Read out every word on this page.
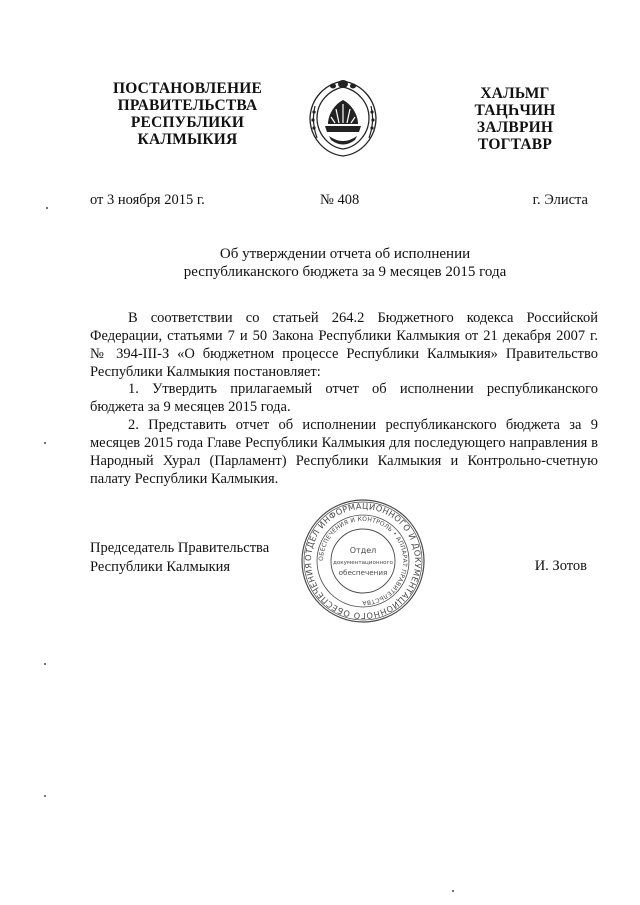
ПОСТАНОВЛЕНИЕ
ПРАВИТЕЛЬСТВА
РЕСПУБЛИКИ
КАЛМЫКИЯ
ХАЛЬМГ
ТАҢҺЧИН
ЗАЛВРИН
ТОГТАВР
от 3 ноября 2015 г.	№ 408	г. Элиста
Об утверждении отчета об исполнении
республиканского бюджета за 9 месяцев 2015 года
В соответствии со статьей 264.2 Бюджетного кодекса Российской Федерации, статьями 7 и 50 Закона Республики Калмыкия от 21 декабря 2007 г. № 394-III-З «О бюджетном процессе Республики Калмыкия» Правительство Республики Калмыкия постановляет:
1. Утвердить прилагаемый отчет об исполнении республиканского бюджета за 9 месяцев 2015 года.
2. Представить отчет об исполнении республиканского бюджета за 9 месяцев 2015 года Главе Республики Калмыкия для последующего направления в Народный Хурал (Парламент) Республики Калмыкия и Контрольно-счетную палату Республики Калмыкия.
Председатель Правительства
Республики Калмыкия	И. Зотов
ОТДЕЛ ИНФОРМАЦИОННОГО И ДОКУМЕНТАЦИОННОГО ОБЕСПЕЧЕНИЯ
ОБЕСПЕЧЕНИЯ И КОНТРОЛЬ • АППАРАТ ПРАВИТЕЛЬСТВА
Отдел
документационного
обеспечения
